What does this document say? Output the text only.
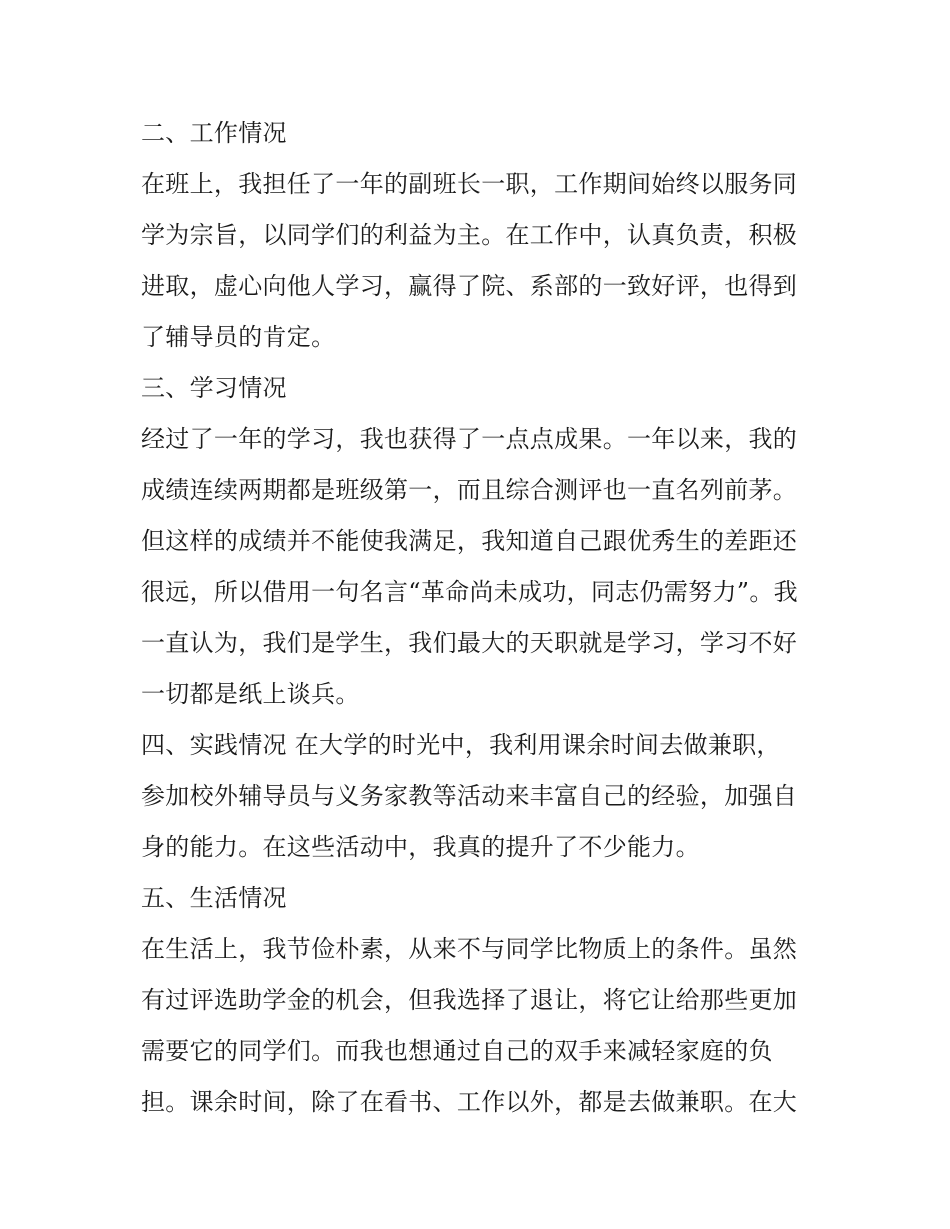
二、工作情况
在班上，我担任了一年的副班长一职，工作期间始终以服务同
学为宗旨，以同学们的利益为主。在工作中，认真负责，积极
进取，虚心向他人学习，赢得了院、系部的一致好评，也得到
了辅导员的肯定。
三、学习情况
经过了一年的学习，我也获得了一点点成果。一年以来，我的
成绩连续两期都是班级第一，而且综合测评也一直名列前茅。
但这样的成绩并不能使我满足，我知道自己跟优秀生的差距还
很远，所以借用一句名言“革命尚未成功，同志仍需努力”。我
一直认为，我们是学生，我们最大的天职就是学习，学习不好
一切都是纸上谈兵。
四、实践情况 在大学的时光中，我利用课余时间去做兼职，
参加校外辅导员与义务家教等活动来丰富自己的经验，加强自
身的能力。在这些活动中，我真的提升了不少能力。
五、生活情况
在生活上，我节俭朴素，从来不与同学比物质上的条件。虽然
有过评选助学金的机会，但我选择了退让，将它让给那些更加
需要它的同学们。而我也想通过自己的双手来减轻家庭的负
担。课余时间，除了在看书、工作以外，都是去做兼职。在大
